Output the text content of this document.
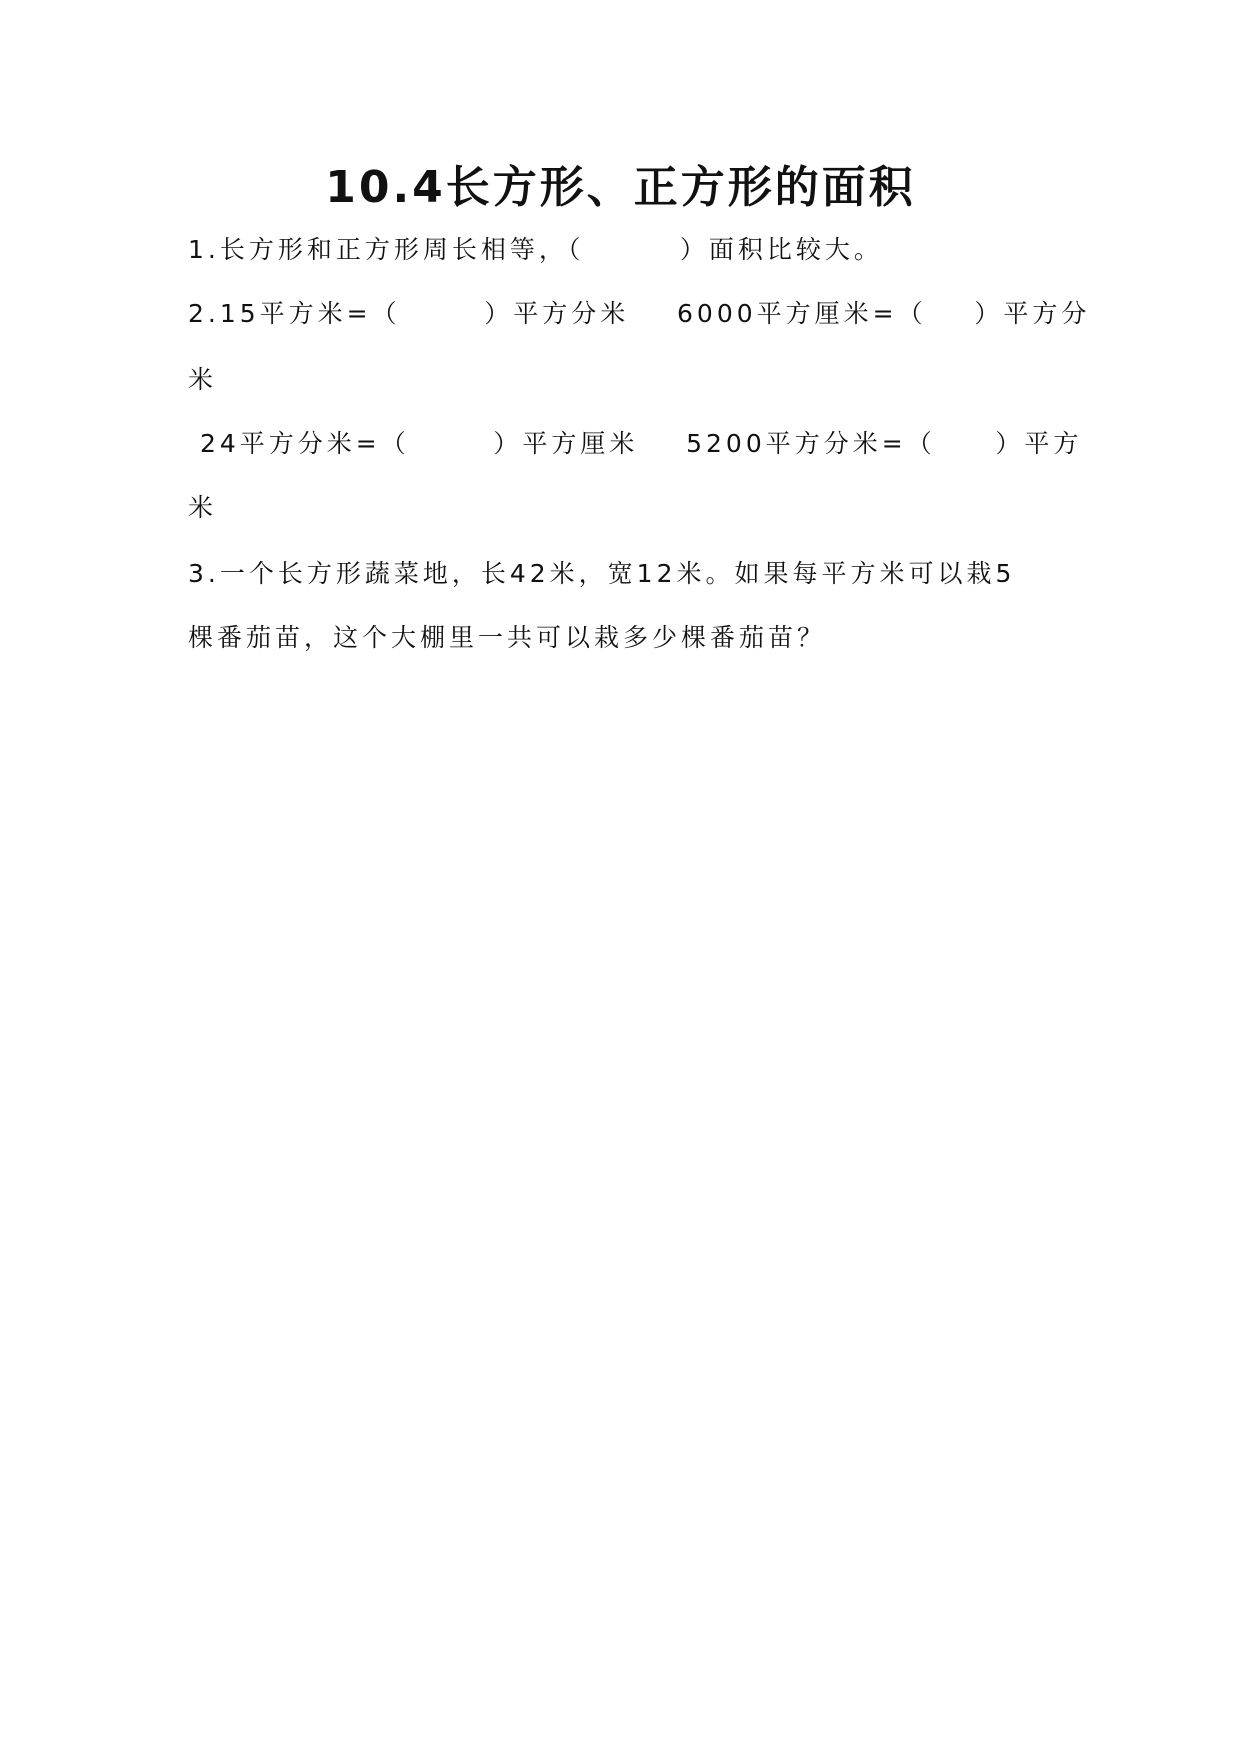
10.4长方形、正方形的面积
1.长方形和正方形周长相等，（        ）面积比较大。
2.15平方米=（       ）平方分米    6000平方厘米=（    ）平方分
米
24平方分米=（       ）平方厘米    5200平方分米=（     ）平方
米
3.一个长方形蔬菜地，长42米，宽12米。如果每平方米可以栽5
棵番茄苗，这个大棚里一共可以栽多少棵番茄苗？
